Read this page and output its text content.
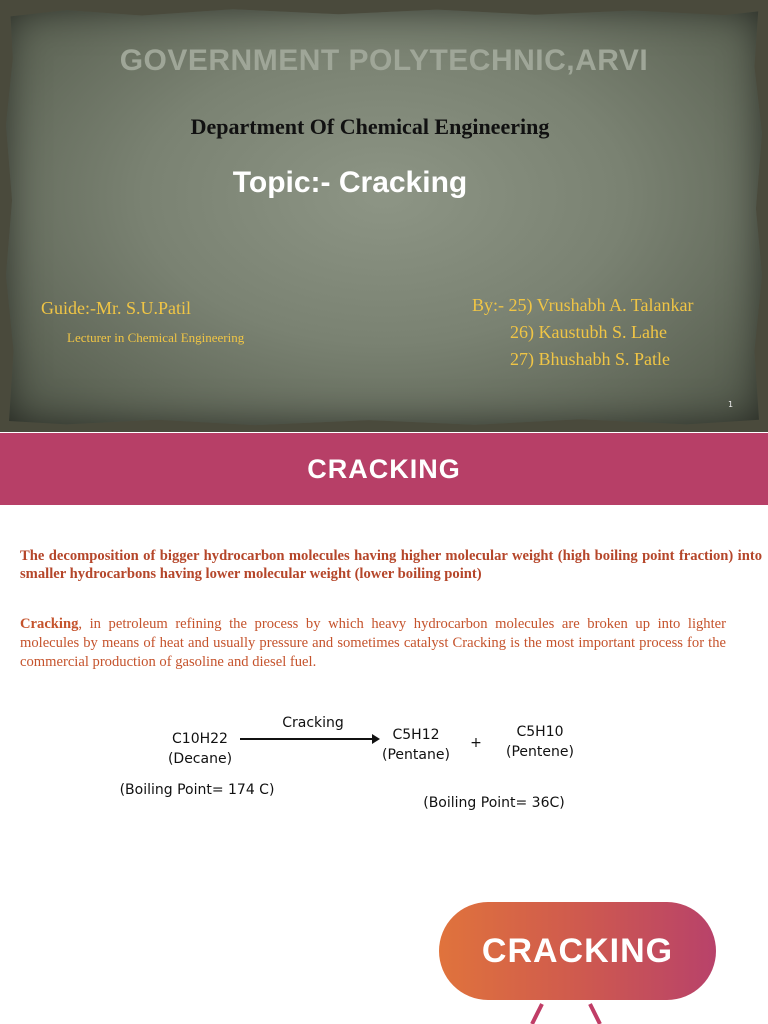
GOVERNMENT POLYTECHNIC,ARVI
Department Of Chemical Engineering
Topic:- Cracking
Guide:-Mr. S.U.Patil
Lecturer in Chemical Engineering
By:- 25) Vrushabh A. Talankar
26) Kaustubh S. Lahe
27) Bhushabh S. Patle
1
CRACKING
The decomposition of bigger hydrocarbon molecules having higher molecular weight (high boiling point fraction) into smaller hydrocarbons having lower molecular weight (lower boiling point)
Cracking, in petroleum refining the process by which heavy hydrocarbon molecules are broken up into lighter molecules by means of heat and usually pressure and sometimes catalyst Cracking is the most important process for the commercial production of gasoline and diesel fuel.
C10H22
(Decane)
Cracking
C5H12
(Pentane)
+
C5H10
(Pentene)
(Boiling Point= 174 C)
(Boiling Point= 36C)
CRACKING
